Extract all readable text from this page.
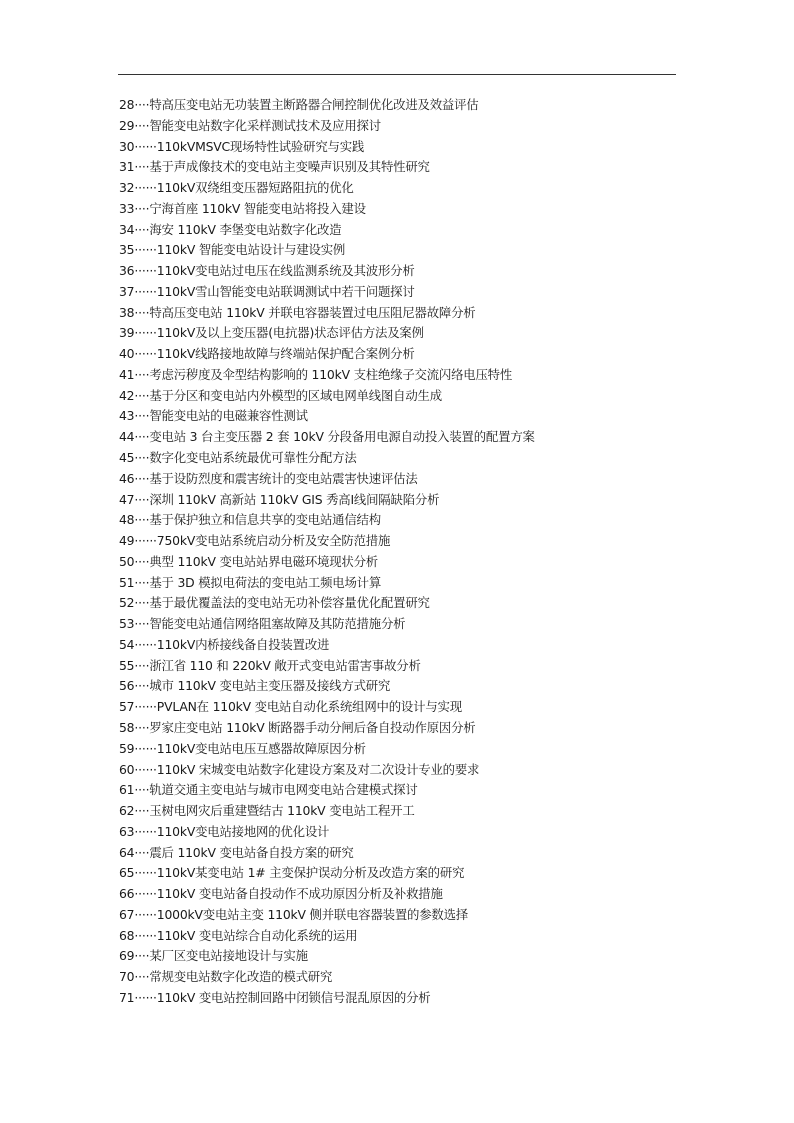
28····特高压变电站无功装置主断路器合闸控制优化改进及效益评估
29····智能变电站数字化采样测试技术及应用探讨
30······110kVMSVC现场特性试验研究与实践
31····基于声成像技术的变电站主变噪声识别及其特性研究
32······110kV双绕组变压器短路阻抗的优化
33····宁海首座 110kV 智能变电站将投入建设
34····海安 110kV 李堡变电站数字化改造
35······110kV 智能变电站设计与建设实例
36······110kV变电站过电压在线监测系统及其波形分析
37······110kV雪山智能变电站联调测试中若干问题探讨
38····特高压变电站 110kV 并联电容器装置过电压阻尼器故障分析
39······110kV及以上变压器(电抗器)状态评估方法及案例
40······110kV线路接地故障与终端站保护配合案例分析
41····考虑污秽度及伞型结构影响的 110kV 支柱绝缘子交流闪络电压特性
42····基于分区和变电站内外模型的区域电网单线图自动生成
43····智能变电站的电磁兼容性测试
44····变电站 3 台主变压器 2 套 10kV 分段备用电源自动投入装置的配置方案
45····数字化变电站系统最优可靠性分配方法
46····基于设防烈度和震害统计的变电站震害快速评估法
47····深圳 110kV 高新站 110kV GIS 秀高Ⅰ线间隔缺陷分析
48····基于保护独立和信息共享的变电站通信结构
49······750kV变电站系统启动分析及安全防范措施
50····典型 110kV 变电站站界电磁环境现状分析
51····基于 3D 模拟电荷法的变电站工频电场计算
52····基于最优覆盖法的变电站无功补偿容量优化配置研究
53····智能变电站通信网络阻塞故障及其防范措施分析
54······110kV内桥接线备自投装置改进
55····浙江省 110 和 220kV 敞开式变电站雷害事故分析
56····城市 110kV 变电站主变压器及接线方式研究
57······PVLAN在 110kV 变电站自动化系统组网中的设计与实现
58····罗家庄变电站 110kV 断路器手动分闸后备自投动作原因分析
59······110kV变电站电压互感器故障原因分析
60······110kV 宋城变电站数字化建设方案及对二次设计专业的要求
61····轨道交通主变电站与城市电网变电站合建模式探讨
62····玉树电网灾后重建暨结古 110kV 变电站工程开工
63······110kV变电站接地网的优化设计
64····震后 110kV 变电站备自投方案的研究
65······110kV某变电站 1# 主变保护误动分析及改造方案的研究
66······110kV 变电站备自投动作不成功原因分析及补救措施
67······1000kV变电站主变 110kV 侧并联电容器装置的参数选择
68······110kV 变电站综合自动化系统的运用
69····某厂区变电站接地设计与实施
70····常规变电站数字化改造的模式研究
71······110kV 变电站控制回路中闭锁信号混乱原因的分析
